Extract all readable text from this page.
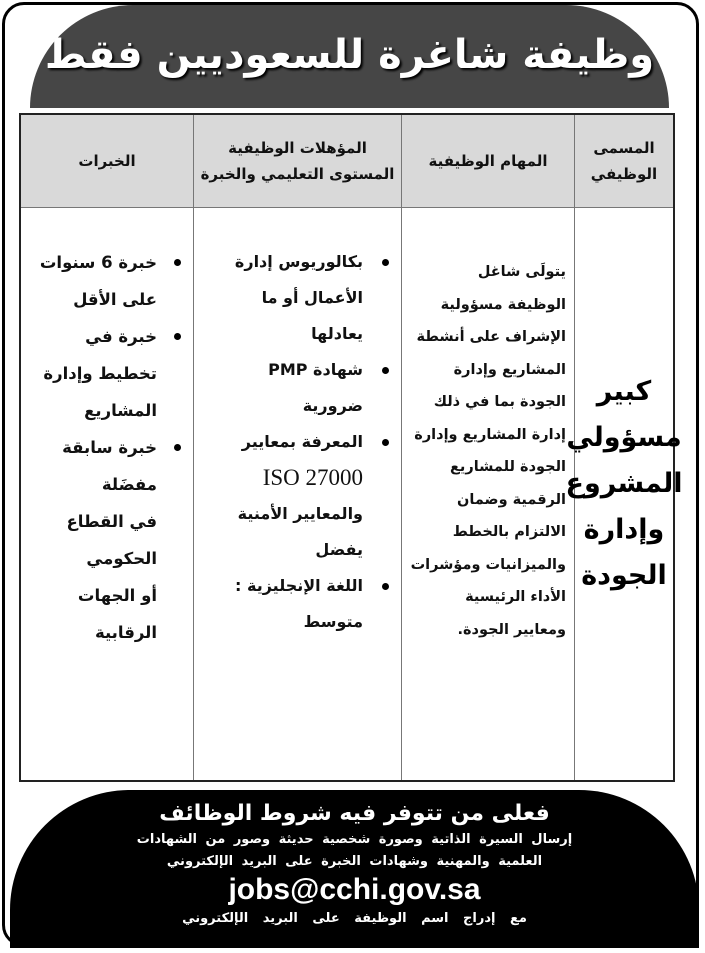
وظيفة شاغرة للسعوديين فقط
المسمى
الوظيفي
المهام الوظيفية
المؤهلات الوظيفية
المستوى التعليمي والخبرة
الخبرات
كبير
مسؤولي
المشروع
وإدارة
الجودة
يتولَى شاغل
الوظيفة مسؤولية
الإشراف على أنشطة
المشاريع وإدارة
الجودة بما في ذلك
إدارة المشاريع وإدارة
الجودة للمشاريع
الرقمية وضمان
الالتزام بالخطط
والميزانيات ومؤشرات
الأداء الرئيسية
ومعايير الجودة.
بكالوريوس إدارة
الأعمال أو ما
يعادلها
شهادة PMP
ضرورية
المعرفة بمعايير
ISO 27000
والمعايير الأمنية
يفضل
اللغة الإنجليزية :
متوسط
خبرة 6 سنوات
على الأقل
خبرة في
تخطيط وإدارة
المشاريع
خبرة سابقة
مفضَلة
في القطاع
الحكومي
أو الجهات
الرقابية
فعلى من تتوفر فيه شروط الوظائف
إرسال السيرة الذاتية وصورة شخصية حديثة وصور من الشهادات
العلمية والمهنية وشهادات الخبرة على البريد الإلكتروني
jobs@cchi.gov.sa
مع إدراج اسم الوظيفة على البريد الإلكتروني
